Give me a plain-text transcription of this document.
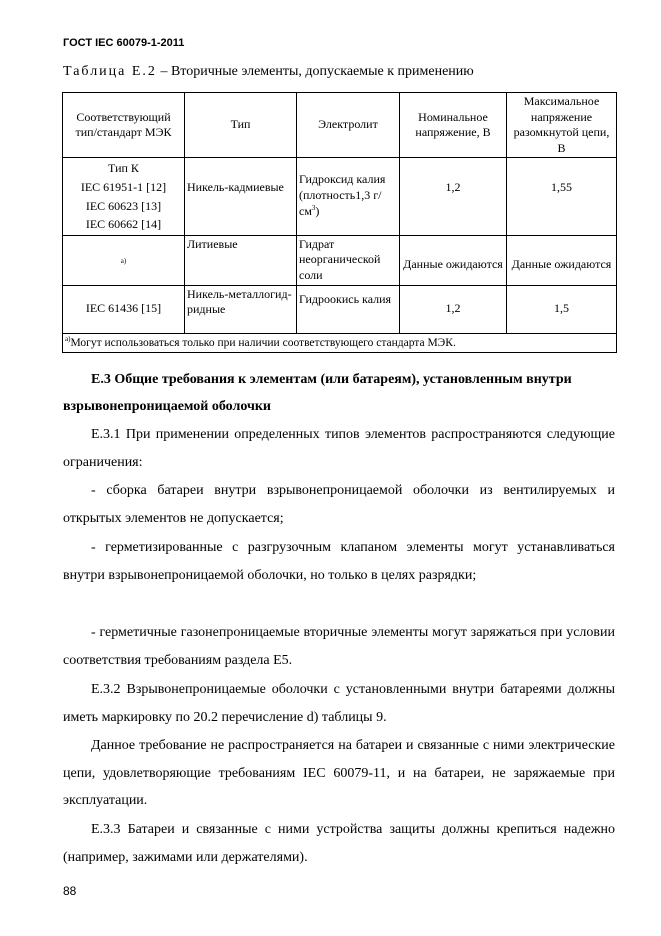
ГОСТ IEC 60079-1-2011
Таблица Е.2 – Вторичные элементы, допускаемые к применению
Соответствующий тип/стандарт МЭК	Тип	Электролит	Номинальное напряжение, В	Максимальное напряжение разомкнутой цепи, В

Тип К
IEC 61951-1 [12]
IEC 60623 [13]
IEC 60662 [14]	Никель-кадмиевые	Гидроксид калия (плотность1,3 $г/см^3$)	1,2	1,55
а)	Литиевые	Гидрат неорганической соли	Данные ожидаются	Данные ожидаются
IEC 61436 [15]	Никель-металлогид-ридные	Гидроокись калия	1,2	1,5
$^{а)}$Могут использоваться только при наличии соответствующего стандарта МЭК.				
Е.3 Общие требования к элементам (или батареям), установленным внутри взрывонепроницаемой оболочки
Е.3.1 При применении определенных типов элементов распространяются следующие ограничения:
- сборка батареи внутри взрывонепроницаемой оболочки из вентилируемых и открытых элементов не допускается;
- герметизированные с разгрузочным клапаном элементы могут устанавливаться внутри взрывонепроницаемой оболочки, но только в целях разрядки;
- герметичные газонепроницаемые вторичные элементы могут заряжаться при условии соответствия требованиям раздела Е5.
Е.3.2 Взрывонепроницаемые оболочки с установленными внутри батареями должны иметь маркировку по 20.2 перечисление d) таблицы 9.
Данное требование не распространяется на батареи и связанные с ними электрические цепи, удовлетворяющие требованиям IEC 60079-11, и на батареи, не заряжаемые при эксплуатации.
Е.3.3 Батареи и связанные с ними устройства защиты должны крепиться надежно (например, зажимами или держателями).
88
